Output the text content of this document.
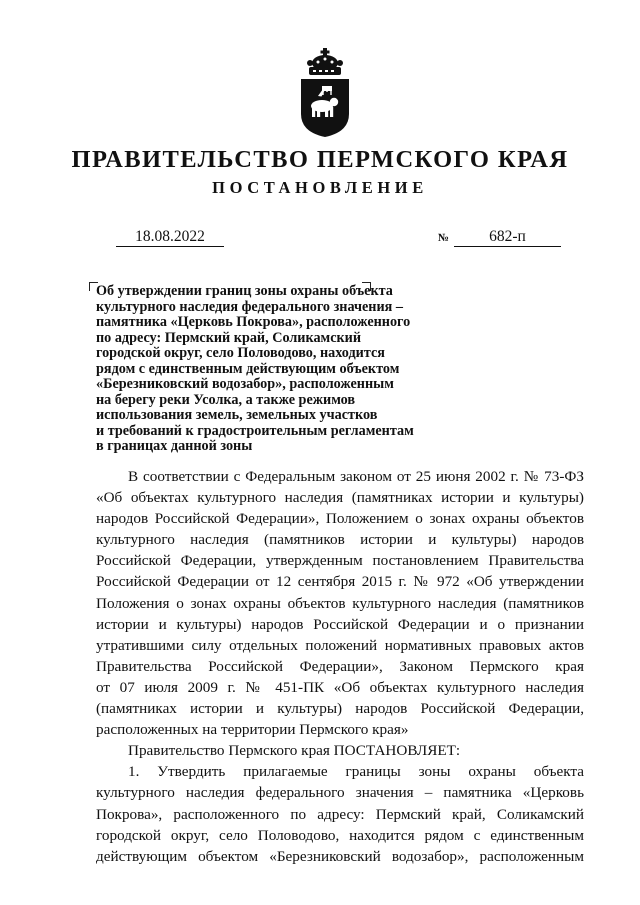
ПРАВИТЕЛЬСТВО ПЕРМСКОГО КРАЯ
ПОСТАНОВЛЕНИЕ
18.08.2022	№	682-п
Об утверждении границ зоны охраны объекта
культурного наследия федерального значения –
памятника «Церковь Покрова», расположенного
по адресу: Пермский край, Соликамский
городской округ, село Половодово, находится
рядом с единственным действующим объектом
«Березниковский водозабор», расположенным
на берегу реки Усолка, а также режимов
использования земель, земельных участков
и требований к градостроительным регламентам
в границах данной зоны
В соответствии с Федеральным законом от 25 июня 2002 г. № 73-ФЗ
«Об объектах культурного наследия (памятниках истории и культуры)
народов Российской Федерации», Положением о зонах охраны объектов
культурного наследия (памятников истории и культуры) народов
Российской Федерации, утвержденным постановлением Правительства
Российской Федерации от 12 сентября 2015 г. № 972 «Об утверждении
Положения о зонах охраны объектов культурного наследия (памятников
истории и культуры) народов Российской Федерации и о признании
утратившими силу отдельных положений нормативных правовых актов
Правительства Российской Федерации», Законом Пермского края
от 07 июля 2009 г. № 451-ПК «Об объектах культурного наследия
(памятниках истории и культуры) народов Российской Федерации,
расположенных на территории Пермского края»
Правительство Пермского края ПОСТАНОВЛЯЕТ:
1. Утвердить прилагаемые границы зоны охраны объекта
культурного наследия федерального значения – памятника «Церковь
Покрова», расположенного по адресу: Пермский край, Соликамский
городской округ, село Половодово, находится рядом с единственным
действующим объектом «Березниковский водозабор», расположенным
